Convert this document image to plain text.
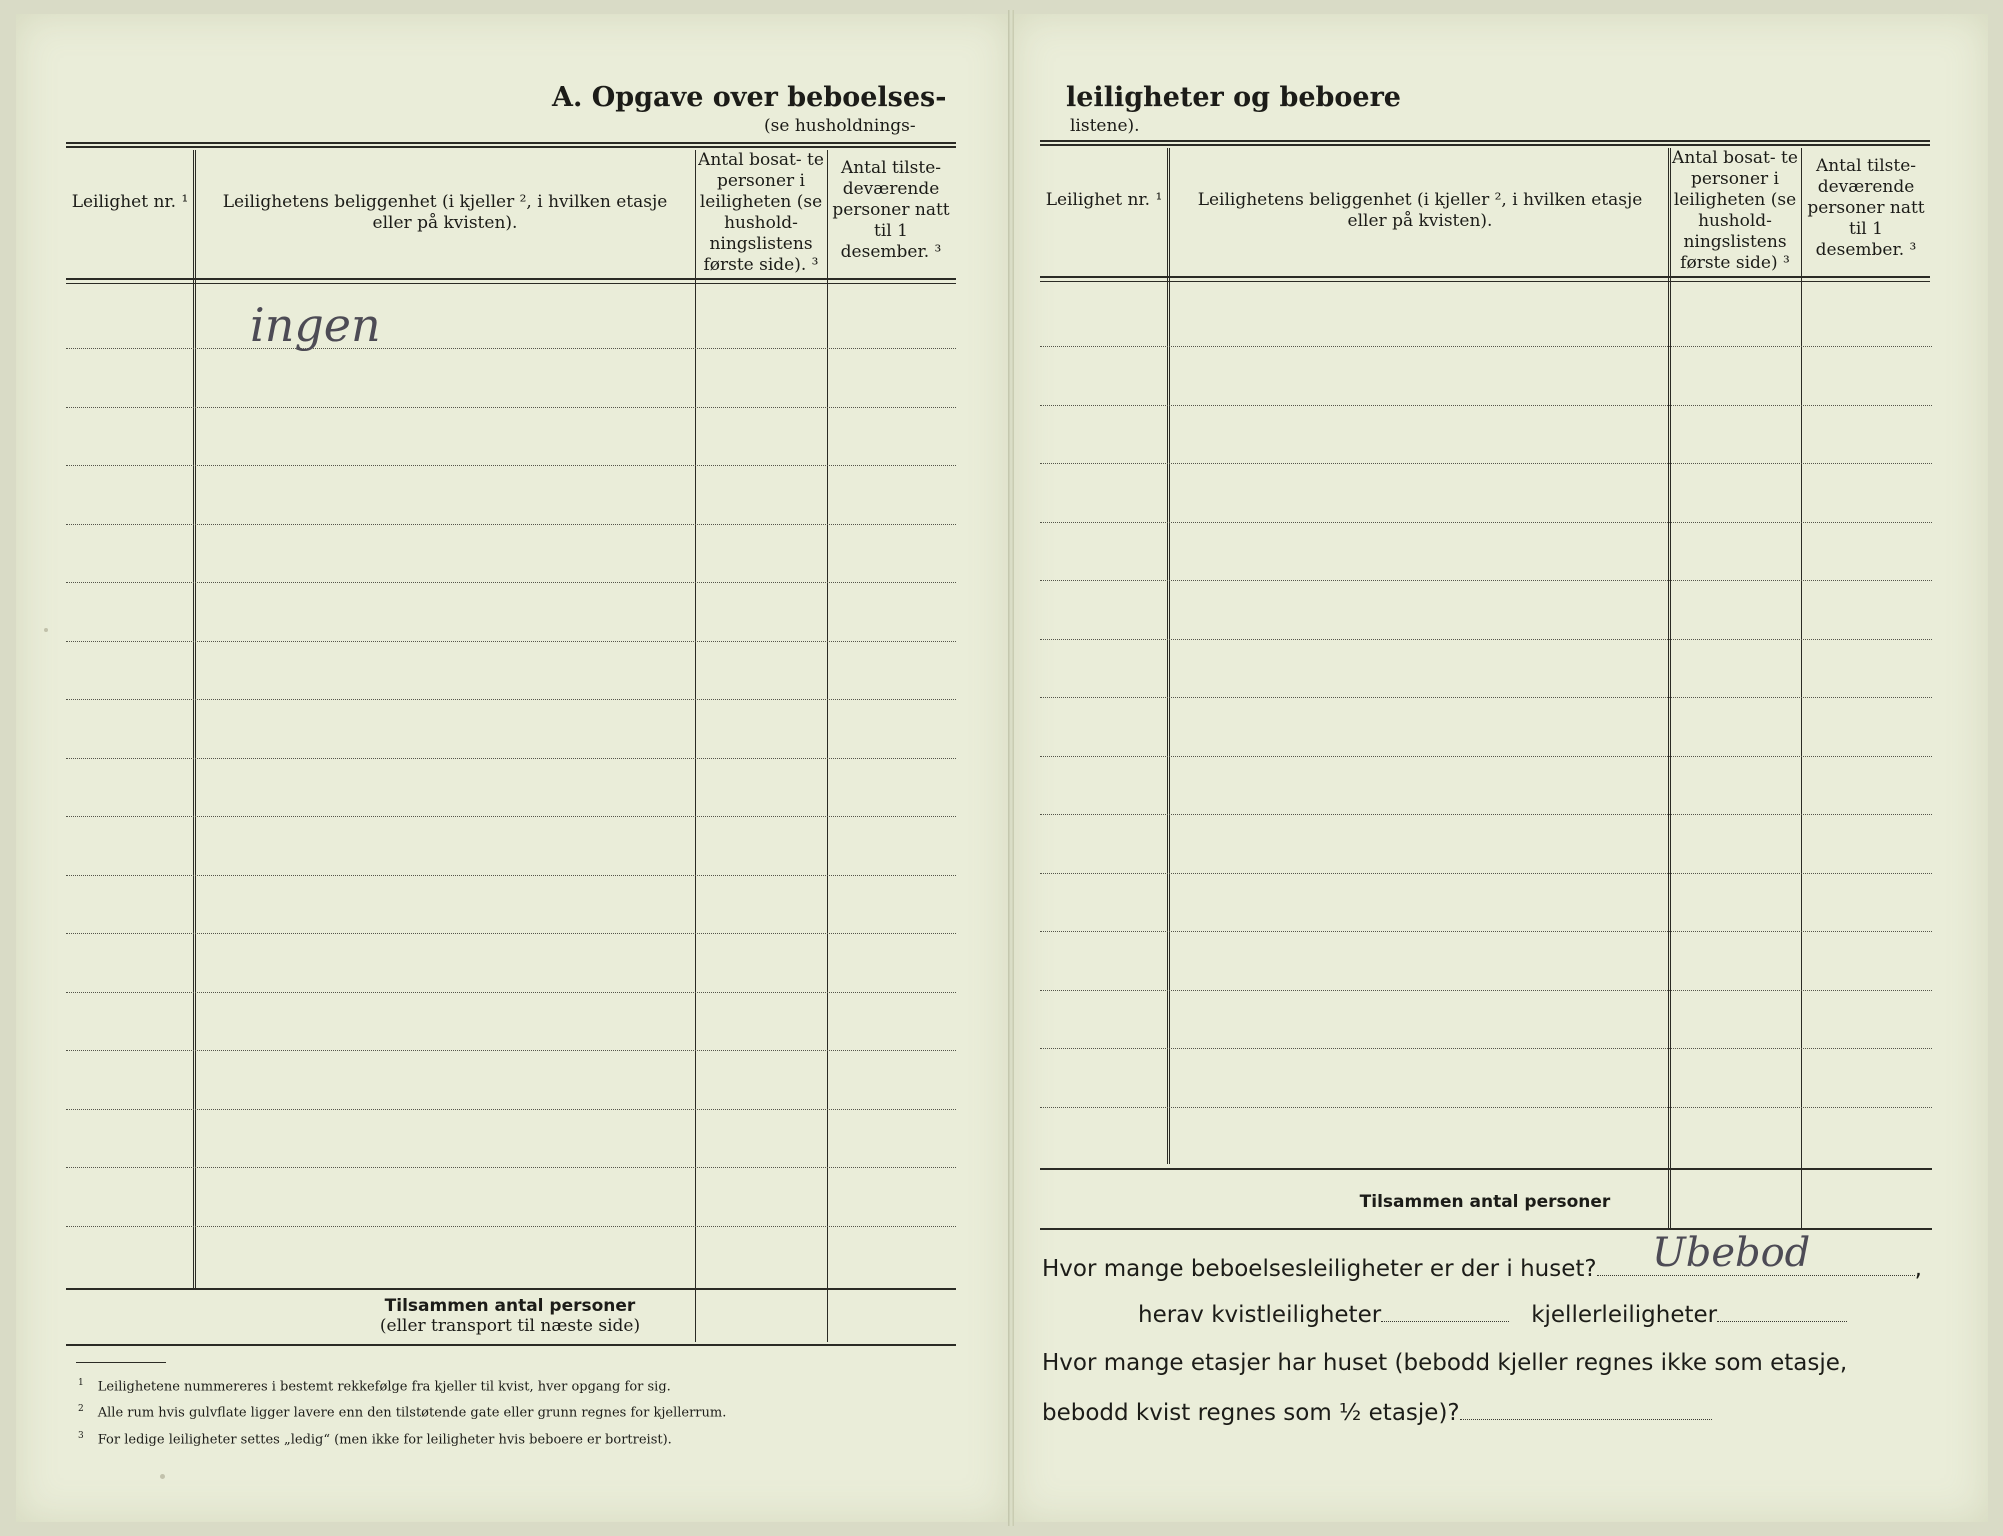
A. Opgave over beboelses-
(se husholdnings-
Leilighet nr. ¹ Leilighetens beliggenhet (i kjeller ², i hvilken etasje eller på kvisten).
Antal bosat- te personer i leiligheten (se hushold- ningslistens første side). ³
Antal tilste- deværende personer natt til 1 desember. ³
Tilsammen antal personer
(eller transport til næste side)
ingen
$^1$ Leilighetene nummereres i bestemt rekkefølge fra kjeller til kvist, hver opgang for sig.
$^2$ Alle rum hvis gulvflate ligger lavere enn den tilstøtende gate eller grunn regnes for kjellerrum.
$^3$ For ledige leiligheter settes „ledig“ (men ikke for leiligheter hvis beboere er bortreist).
leiligheter og beboere
listene).
Leilighet nr. ¹ Leilighetens beliggenhet (i kjeller ², i hvilken etasje eller på kvisten).
Antal bosat- te personer i leiligheten (se hushold- ningslistens første side) ³
Antal tilste- deværende personer natt til 1 desember. ³
Tilsammen antal personer
Hvor mange beboelsesleiligheter er der i huset?	,
Ubebod
herav kvistleiligheter	kjellerleiligheter
Hvor mange etasjer har huset (bebodd kjeller regnes ikke som etasje,
bebodd kvist regnes som ½ etasje)?
